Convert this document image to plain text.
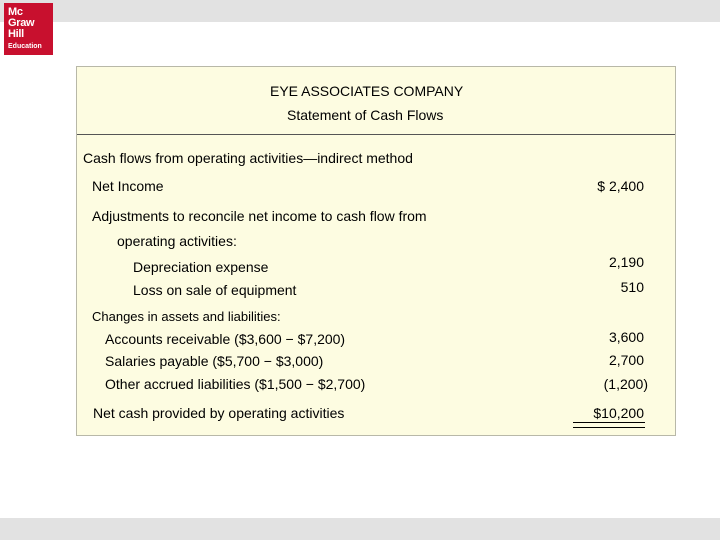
Mc
Graw
Hill
Education
EYE ASSOCIATES COMPANY
Statement of Cash Flows
Cash flows from operating activities—indirect method
Net Income	$ 2,400
Adjustments to reconcile net income to cash flow from
operating activities:
Depreciation expense	2,190
Loss on sale of equipment	510
Changes in assets and liabilities:
Accounts receivable ($3,600 − $7,200)	3,600
Salaries payable ($5,700 − $3,000)	2,700
Other accrued liabilities ($1,500 − $2,700)	(1,200)
Net cash provided by operating activities	$10,200
